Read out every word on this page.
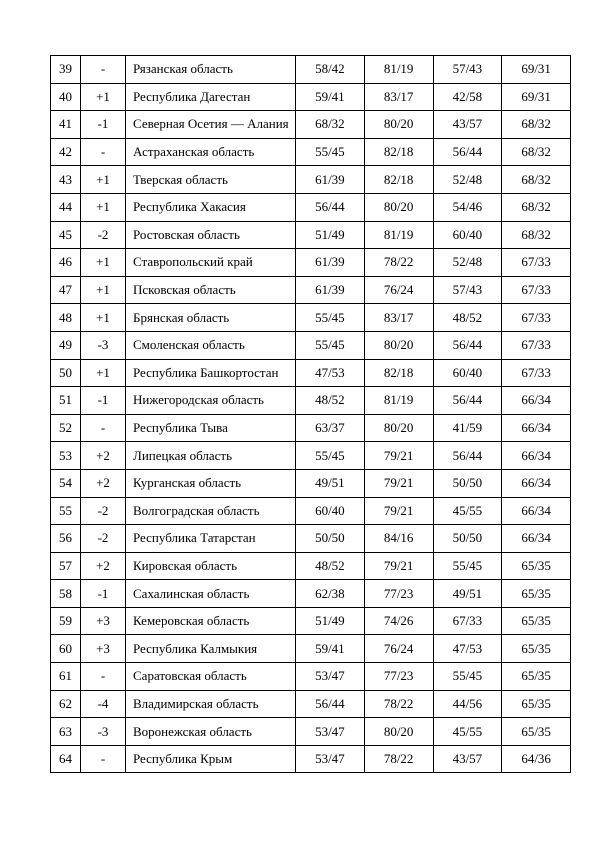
39	-	Рязанская область	58/42	81/19	57/43	69/31
40	+1	Республика Дагестан	59/41	83/17	42/58	69/31
41	-1	Северная Осетия — Алания	68/32	80/20	43/57	68/32
42	-	Астраханская область	55/45	82/18	56/44	68/32
43	+1	Тверская область	61/39	82/18	52/48	68/32
44	+1	Республика Хакасия	56/44	80/20	54/46	68/32
45	-2	Ростовская область	51/49	81/19	60/40	68/32
46	+1	Ставропольский край	61/39	78/22	52/48	67/33
47	+1	Псковская область	61/39	76/24	57/43	67/33
48	+1	Брянская область	55/45	83/17	48/52	67/33
49	-3	Смоленская область	55/45	80/20	56/44	67/33
50	+1	Республика Башкортостан	47/53	82/18	60/40	67/33
51	-1	Нижегородская область	48/52	81/19	56/44	66/34
52	-	Республика Тыва	63/37	80/20	41/59	66/34
53	+2	Липецкая область	55/45	79/21	56/44	66/34
54	+2	Курганская область	49/51	79/21	50/50	66/34
55	-2	Волгоградская область	60/40	79/21	45/55	66/34
56	-2	Республика Татарстан	50/50	84/16	50/50	66/34
57	+2	Кировская область	48/52	79/21	55/45	65/35
58	-1	Сахалинская область	62/38	77/23	49/51	65/35
59	+3	Кемеровская область	51/49	74/26	67/33	65/35
60	+3	Республика Калмыкия	59/41	76/24	47/53	65/35
61	-	Саратовская область	53/47	77/23	55/45	65/35
62	-4	Владимирская область	56/44	78/22	44/56	65/35
63	-3	Воронежская область	53/47	80/20	45/55	65/35
64	-	Республика Крым	53/47	78/22	43/57	64/36
